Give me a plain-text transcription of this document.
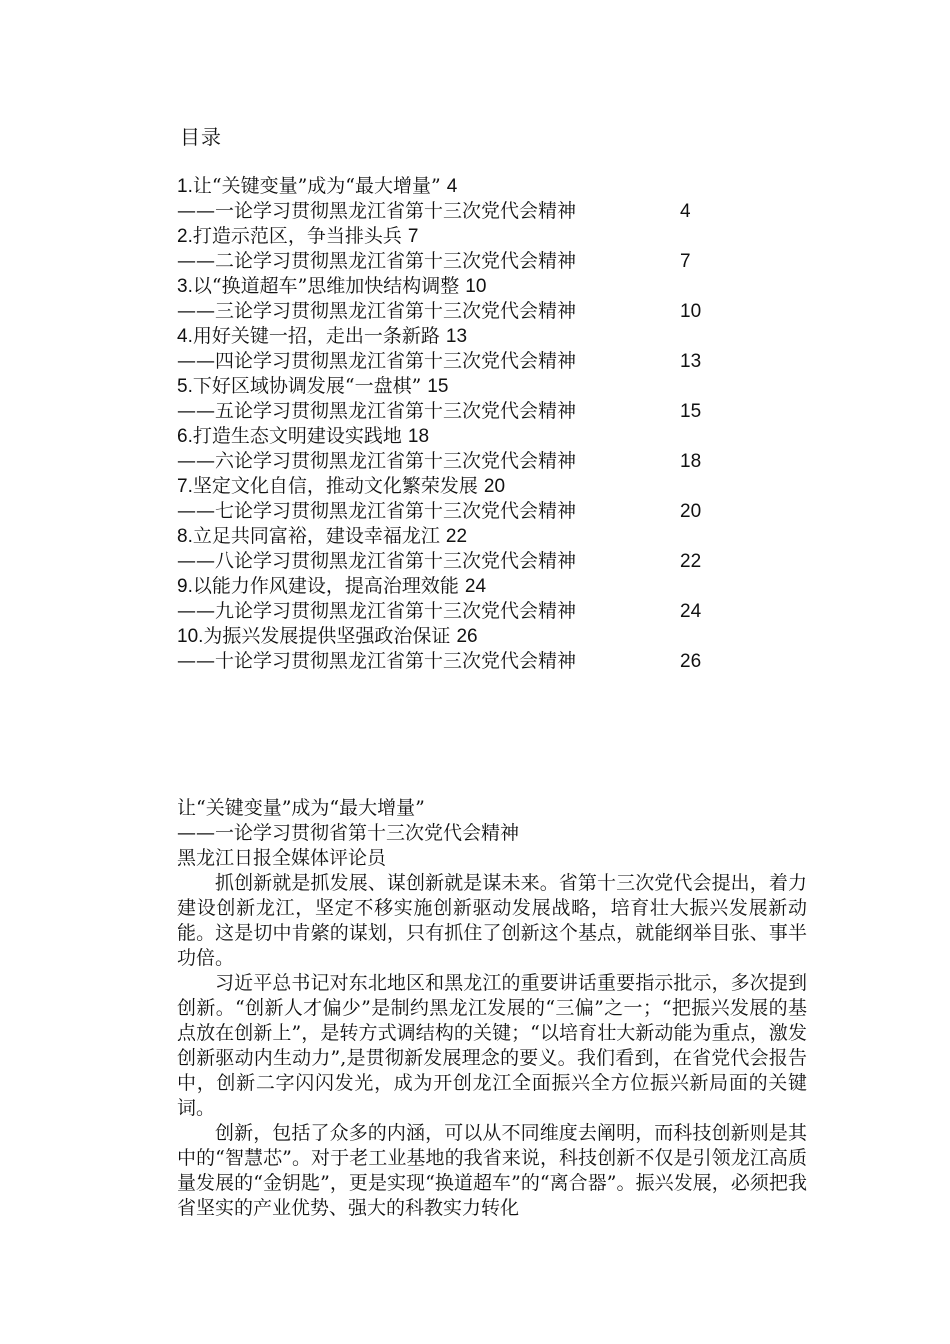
目录
1.让“关键变量”成为“最大增量” 4
——一论学习贯彻黑龙江省第十三次党代会精神	4
2.打造示范区，争当排头兵 7
——二论学习贯彻黑龙江省第十三次党代会精神	7
3.以“换道超车”思维加快结构调整 10
——三论学习贯彻黑龙江省第十三次党代会精神	10
4.用好关键一招，走出一条新路 13
——四论学习贯彻黑龙江省第十三次党代会精神	13
5.下好区域协调发展“一盘棋” 15
——五论学习贯彻黑龙江省第十三次党代会精神	15
6.打造生态文明建设实践地 18
——六论学习贯彻黑龙江省第十三次党代会精神	18
7.坚定文化自信，推动文化繁荣发展 20
——七论学习贯彻黑龙江省第十三次党代会精神	20
8.立足共同富裕，建设幸福龙江 22
——八论学习贯彻黑龙江省第十三次党代会精神	22
9.以能力作风建设，提高治理效能 24
——九论学习贯彻黑龙江省第十三次党代会精神	24
10.为振兴发展提供坚强政治保证 26
——十论学习贯彻黑龙江省第十三次党代会精神	26
让“关键变量”成为“最大增量”
——一论学习贯彻省第十三次党代会精神
黑龙江日报全媒体评论员

抓创新就是抓发展、谋创新就是谋未来。省第十三次党代会提出，着力建设创新龙江，坚定不移实施创新驱动发展战略，培育壮大振兴发展新动能。这是切中肯綮的谋划，只有抓住了创新这个基点，就能纲举目张、事半功倍。

习近平总书记对东北地区和黑龙江的重要讲话重要指示批示，多次提到创新。“创新人才偏少”是制约黑龙江发展的“三偏”之一；“把振兴发展的基点放在创新上”，是转方式调结构的关键；“以培育壮大新动能为重点，激发创新驱动内生动力”,是贯彻新发展理念的要义。我们看到，在省党代会报告中，创新二字闪闪发光，成为开创龙江全面振兴全方位振兴新局面的关键词。

创新，包括了众多的内涵，可以从不同维度去阐明，而科技创新则是其中的“智慧芯”。对于老工业基地的我省来说，科技创新不仅是引领龙江高质量发展的“金钥匙”，更是实现“换道超车”的“离合器”。振兴发展，必须把我省坚实的产业优势、强大的科教实力转化
